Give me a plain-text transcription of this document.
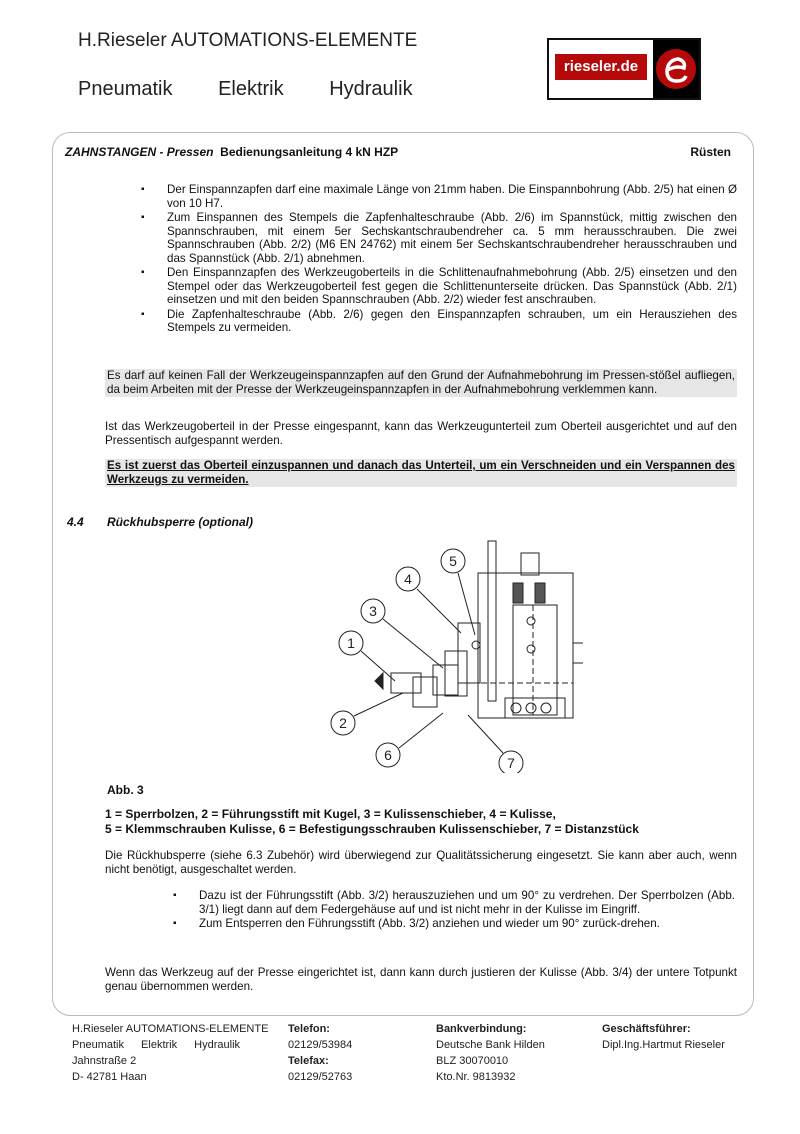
H.Rieseler AUTOMATIONS-ELEMENTE
Pneumatik Elektrik Hydraulik
rieseler.de
ZAHNSTANGEN - Pressen Bedienungsanleitung 4 kN HZP	Rüsten
▪ Der Einspannzapfen darf eine maximale Länge von 21mm haben. Die Einspannbohrung (Abb. 2/5) hat einen Ø von 10 H7.
▪ Zum Einspannen des Stempels die Zapfenhalteschraube (Abb. 2/6) im Spannstück, mittig zwischen den Spannschrauben, mit einem 5er Sechskantschraubendreher ca. 5 mm herausschrauben. Die zwei Spannschrauben (Abb. 2/2) (M6 EN 24762) mit einem 5er Sechskantschraubendreher herausschrauben und das Spannstück (Abb. 2/1) abnehmen.
▪ Den Einspannzapfen des Werkzeugoberteils in die Schlittenaufnahmebohrung (Abb. 2/5) einsetzen und den Stempel oder das Werkzeugoberteil fest gegen die Schlittenunterseite drücken. Das Spannstück (Abb. 2/1) einsetzen und mit den beiden Spannschrauben (Abb. 2/2) wieder fest anschrauben.
▪ Die Zapfenhalteschraube (Abb. 2/6) gegen den Einspannzapfen schrauben, um ein Herausziehen des Stempels zu vermeiden.
Es darf auf keinen Fall der Werkzeugeinspannzapfen auf den Grund der Aufnahmebohrung im Pressen-stößel aufliegen, da beim Arbeiten mit der Presse der Werkzeugeinspannzapfen in der Aufnahmebohrung verklemmen kann.
Ist das Werkzeugoberteil in der Presse eingespannt, kann das Werkzeugunterteil zum Oberteil ausgerichtet und auf den Pressentisch aufgespannt werden.
Es ist zuerst das Oberteil einzuspannen und danach das Unterteil, um ein Verschneiden und ein Verspannen des Werkzeugs zu vermeiden.
4.4 Rückhubsperre (optional)
1
2
3
4
5
6	7
Abb. 3
1 = Sperrbolzen, 2 = Führungsstift mit Kugel, 3 = Kulissenschieber, 4 = Kulisse,
5 = Klemmschrauben Kulisse, 6 = Befestigungsschrauben Kulissenschieber, 7 = Distanzstück
Die Rückhubsperre (siehe 6.3 Zubehör) wird überwiegend zur Qualitätssicherung eingesetzt. Sie kann aber auch, wenn nicht benötigt, ausgeschaltet werden.
▪ Dazu ist der Führungsstift (Abb. 3/2) herauszuziehen und um 90° zu verdrehen. Der Sperrbolzen (Abb. 3/1) liegt dann auf dem Federgehäuse auf und ist nicht mehr in der Kulisse im Eingriff.
▪ Zum Entsperren den Führungsstift (Abb. 3/2) anziehen und wieder um 90° zurück-drehen.
Wenn das Werkzeug auf der Presse eingerichtet ist, dann kann durch justieren der Kulisse (Abb. 3/4) der untere Totpunkt genau übernommen werden.
H.Rieseler AUTOMATIONS-ELEMENTE
Pneumatik Elektrik Hydraulik
Jahnstraße 2
D- 42781 Haan
Telefon:
02129/53984
Telefax:
02129/52763
Bankverbindung:
Deutsche Bank Hilden
BLZ 30070010
Kto.Nr. 9813932
Geschäftsführer:
Dipl.Ing.Hartmut Rieseler
